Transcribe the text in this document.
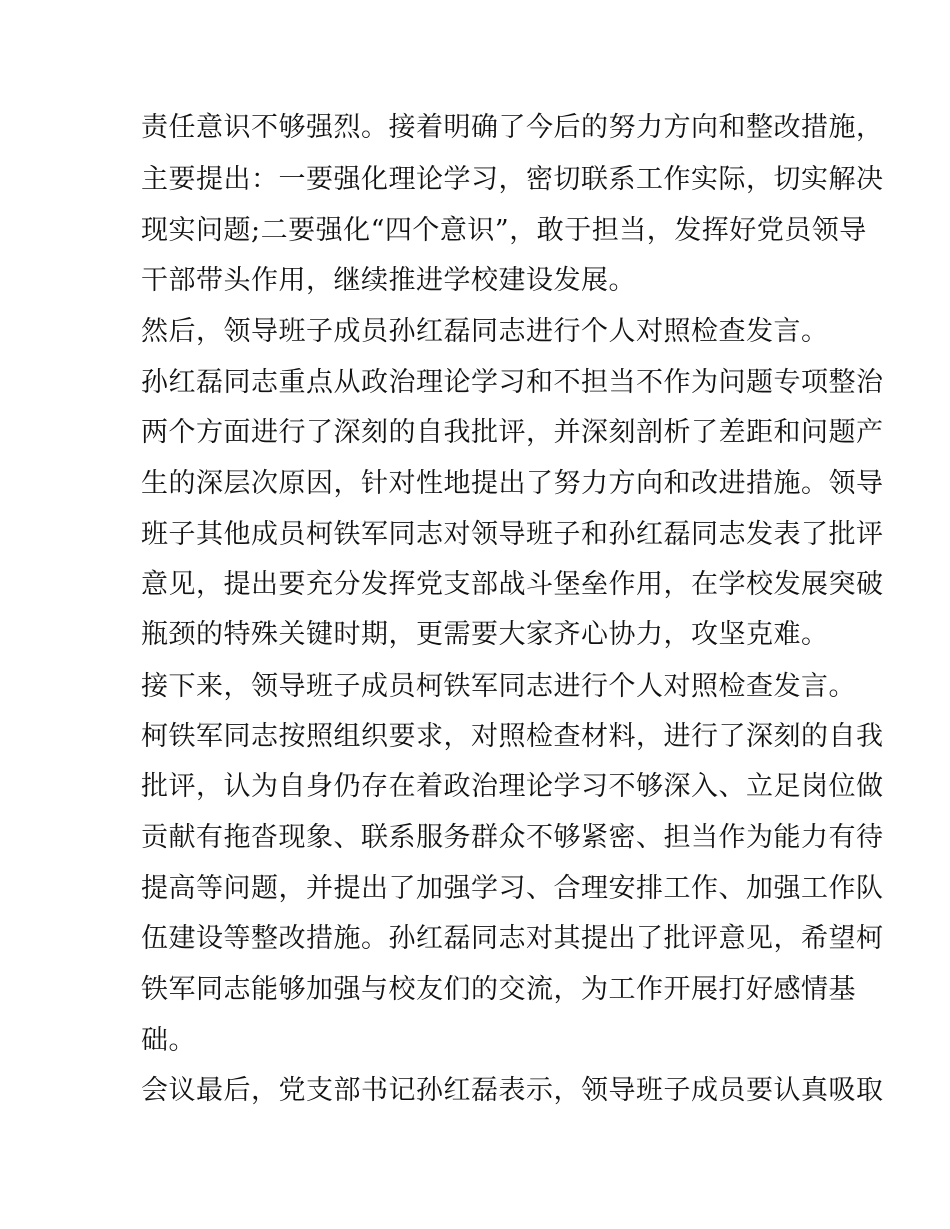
责任意识不够强烈。接着明确了今后的努力方向和整改措施，
主要提出：一要强化理论学习，密切联系工作实际，切实解决
现实问题;二要强化“四个意识”，敢于担当，发挥好党员领导
干部带头作用，继续推进学校建设发展。
然后，领导班子成员孙红磊同志进行个人对照检查发言。
孙红磊同志重点从政治理论学习和不担当不作为问题专项整治
两个方面进行了深刻的自我批评，并深刻剖析了差距和问题产
生的深层次原因，针对性地提出了努力方向和改进措施。领导
班子其他成员柯铁军同志对领导班子和孙红磊同志发表了批评
意见，提出要充分发挥党支部战斗堡垒作用，在学校发展突破
瓶颈的特殊关键时期，更需要大家齐心协力，攻坚克难。
接下来，领导班子成员柯铁军同志进行个人对照检查发言。
柯铁军同志按照组织要求，对照检查材料，进行了深刻的自我
批评，认为自身仍存在着政治理论学习不够深入、立足岗位做
贡献有拖沓现象、联系服务群众不够紧密、担当作为能力有待
提高等问题，并提出了加强学习、合理安排工作、加强工作队
伍建设等整改措施。孙红磊同志对其提出了批评意见，希望柯
铁军同志能够加强与校友们的交流，为工作开展打好感情基
础。
会议最后，党支部书记孙红磊表示，领导班子成员要认真吸取
